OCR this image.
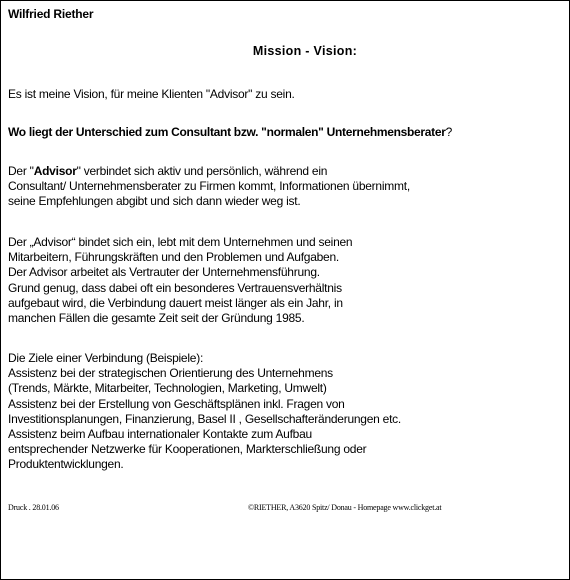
Wilfried Riether
Mission - Vision:
Es ist meine Vision, für meine Klienten "Advisor" zu sein.
Wo liegt der Unterschied zum Consultant bzw. "normalen" Unternehmensberater?
Der "Advisor" verbindet sich aktiv und persönlich, während ein
Consultant/ Unternehmensberater zu Firmen kommt, Informationen übernimmt,
seine Empfehlungen abgibt und sich dann wieder weg ist.
Der „Advisor“ bindet sich ein, lebt mit dem Unternehmen und seinen
Mitarbeitern, Führungskräften und den Problemen und Aufgaben.
Der Advisor arbeitet als Vertrauter der Unternehmensführung.
Grund genug, dass dabei oft ein besonderes Vertrauensverhältnis
aufgebaut wird, die Verbindung dauert meist länger als ein Jahr, in
manchen Fällen die gesamte Zeit seit der Gründung 1985.
Die Ziele einer Verbindung (Beispiele):
Assistenz bei der strategischen Orientierung des Unternehmens
(Trends, Märkte, Mitarbeiter, Technologien, Marketing, Umwelt)
Assistenz bei der Erstellung von Geschäftsplänen inkl. Fragen von
Investitionsplanungen, Finanzierung, Basel II , Gesellschafteränderungen etc.
Assistenz beim Aufbau internationaler Kontakte zum Aufbau
entsprechender Netzwerke für Kooperationen, Markterschließung oder
Produktentwicklungen.
Druck . 28.01.06	©RIETHER, A3620 Spitz/ Donau - Homepage www.clickget.at
